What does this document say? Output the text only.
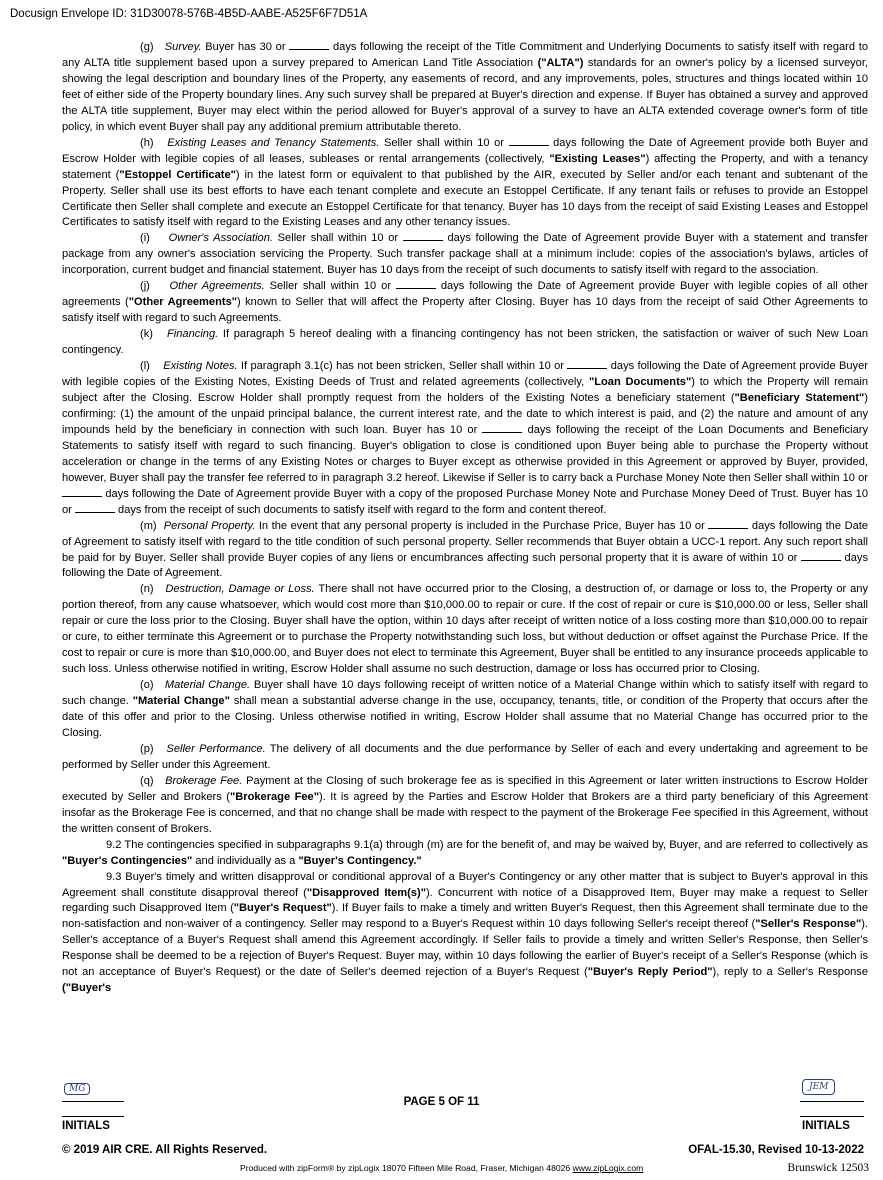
Docusign Envelope ID: 31D30078-576B-4B5D-AABE-A525F6F7D51A

(g) Survey. Buyer has 30 or	days following the receipt of the Title Commitment and Underlying Documents to satisfy itself with regard to any ALTA title supplement based upon a survey prepared to American Land Title Association ("ALTA") standards for an owner's policy by a licensed surveyor, showing the legal description and boundary lines of the Property, any easements of record, and any improvements, poles, structures and things located within 10 feet of either side of the Property boundary lines. Any such survey shall be prepared at Buyer's direction and expense. If Buyer has obtained a survey and approved the ALTA title supplement, Buyer may elect within the period allowed for Buyer's approval of a survey to have an ALTA extended coverage owner's form of title policy, in which event Buyer shall pay any additional premium attributable thereto.

(h) Existing Leases and Tenancy Statements. Seller shall within 10 or	days following the Date of Agreement provide both Buyer and Escrow Holder with legible copies of all leases, subleases or rental arrangements (collectively, "Existing Leases") affecting the Property, and with a tenancy statement ("Estoppel Certificate") in the latest form or equivalent to that published by the AIR, executed by Seller and/or each tenant and subtenant of the Property. Seller shall use its best efforts to have each tenant complete and execute an Estoppel Certificate. If any tenant fails or refuses to provide an Estoppel Certificate then Seller shall complete and execute an Estoppel Certificate for that tenancy. Buyer has 10 days from the receipt of said Existing Leases and Estoppel Certificates to satisfy itself with regard to the Existing Leases and any other tenancy issues.

(i) Owner's Association. Seller shall within 10 or	days following the Date of Agreement provide Buyer with a statement and transfer package from any owner's association servicing the Property. Such transfer package shall at a minimum include: copies of the association's bylaws, articles of incorporation, current budget and financial statement. Buyer has 10 days from the receipt of such documents to satisfy itself with regard to the association.

(j) Other Agreements. Seller shall within 10 or	days following the Date of Agreement provide Buyer with legible copies of all other agreements ("Other Agreements") known to Seller that will affect the Property after Closing. Buyer has 10 days from the receipt of said Other Agreements to satisfy itself with regard to such Agreements.

(k) Financing. If paragraph 5 hereof dealing with a financing contingency has not been stricken, the satisfaction or waiver of such New Loan contingency.

(l) Existing Notes. If paragraph 3.1(c) has not been stricken, Seller shall within 10 or	days following the Date of Agreement provide Buyer with legible copies of the Existing Notes, Existing Deeds of Trust and related agreements (collectively, "Loan Documents") to which the Property will remain subject after the Closing. Escrow Holder shall promptly request from the holders of the Existing Notes a beneficiary statement ("Beneficiary Statement") confirming: (1) the amount of the unpaid principal balance, the current interest rate, and the date to which interest is paid, and (2) the nature and amount of any impounds held by the beneficiary in connection with such loan. Buyer has 10 or	days following the receipt of the Loan Documents and Beneficiary Statements to satisfy itself with regard to such financing. Buyer's obligation to close is conditioned upon Buyer being able to purchase the Property without acceleration or change in the terms of any Existing Notes or charges to Buyer except as otherwise provided in this Agreement or approved by Buyer, provided, however, Buyer shall pay the transfer fee referred to in paragraph 3.2 hereof. Likewise if Seller is to carry back a Purchase Money Note then Seller shall within 10 or  days following the Date of Agreement provide Buyer with a copy of the proposed Purchase Money Note and Purchase Money Deed of Trust. Buyer has 10 or	days from the receipt of such documents to satisfy itself with regard to the form and content thereof.

(m) Personal Property. In the event that any personal property is included in the Purchase Price, Buyer has 10 or	days following the Date of Agreement to satisfy itself with regard to the title condition of such personal property. Seller recommends that Buyer obtain a UCC-1 report. Any such report shall be paid for by Buyer. Seller shall provide Buyer copies of any liens or encumbrances affecting such personal property that it is aware of within 10 or	days following the Date of Agreement.

(n) Destruction, Damage or Loss. There shall not have occurred prior to the Closing, a destruction of, or damage or loss to, the Property or any portion thereof, from any cause whatsoever, which would cost more than $10,000.00 to repair or cure. If the cost of repair or cure is $10,000.00 or less, Seller shall repair or cure the loss prior to the Closing. Buyer shall have the option, within 10 days after receipt of written notice of a loss costing more than $10,000.00 to repair or cure, to either terminate this Agreement or to purchase the Property notwithstanding such loss, but without deduction or offset against the Purchase Price. If the cost to repair or cure is more than $10,000.00, and Buyer does not elect to terminate this Agreement, Buyer shall be entitled to any insurance proceeds applicable to such loss. Unless otherwise notified in writing, Escrow Holder shall assume no such destruction, damage or loss has occurred prior to Closing.

(o) Material Change. Buyer shall have 10 days following receipt of written notice of a Material Change within which to satisfy itself with regard to such change. "Material Change" shall mean a substantial adverse change in the use, occupancy, tenants, title, or condition of the Property that occurs after the date of this offer and prior to the Closing. Unless otherwise notified in writing, Escrow Holder shall assume that no Material Change has occurred prior to the Closing.

(p) Seller Performance. The delivery of all documents and the due performance by Seller of each and every undertaking and agreement to be performed by Seller under this Agreement.

(q) Brokerage Fee. Payment at the Closing of such brokerage fee as is specified in this Agreement or later written instructions to Escrow Holder executed by Seller and Brokers ("Brokerage Fee"). It is agreed by the Parties and Escrow Holder that Brokers are a third party beneficiary of this Agreement insofar as the Brokerage Fee is concerned, and that no change shall be made with respect to the payment of the Brokerage Fee specified in this Agreement, without the written consent of Brokers.

9.2 The contingencies specified in subparagraphs 9.1(a) through (m) are for the benefit of, and may be waived by, Buyer, and are referred to collectively as "Buyer's Contingencies" and individually as a "Buyer's Contingency."

9.3 Buyer's timely and written disapproval or conditional approval of a Buyer's Contingency or any other matter that is subject to Buyer's approval in this Agreement shall constitute disapproval thereof ("Disapproved Item(s)"). Concurrent with notice of a Disapproved Item, Buyer may make a request to Seller regarding such Disapproved Item ("Buyer's Request"). If Buyer fails to make a timely and written Buyer's Request, then this Agreement shall terminate due to the non-satisfaction and non-waiver of a contingency. Seller may respond to a Buyer's Request within 10 days following Seller's receipt thereof ("Seller's Response"). Seller's acceptance of a Buyer's Request shall amend this Agreement accordingly. If Seller fails to provide a timely and written Seller's Response, then Seller's Response shall be deemed to be a rejection of Buyer's Request. Buyer may, within 10 days following the earlier of Buyer's receipt of a Seller's Response (which is not an acceptance of Buyer's Request) or the date of Seller's deemed rejection of a Buyer's Request ("Buyer's Reply Period"), reply to a Seller's Response ("Buyer's

MG	JEM
PAGE 5 OF 11
INITIALS	INITIALS
© 2019 AIR CRE. All Rights Reserved.	OFAL-15.30, Revised 10-13-2022
Produced with zipForm® by zipLogix 18070 Fifteen Mile Road, Fraser, Michigan 48026 www.zipLogix.com	Brunswick 12503
